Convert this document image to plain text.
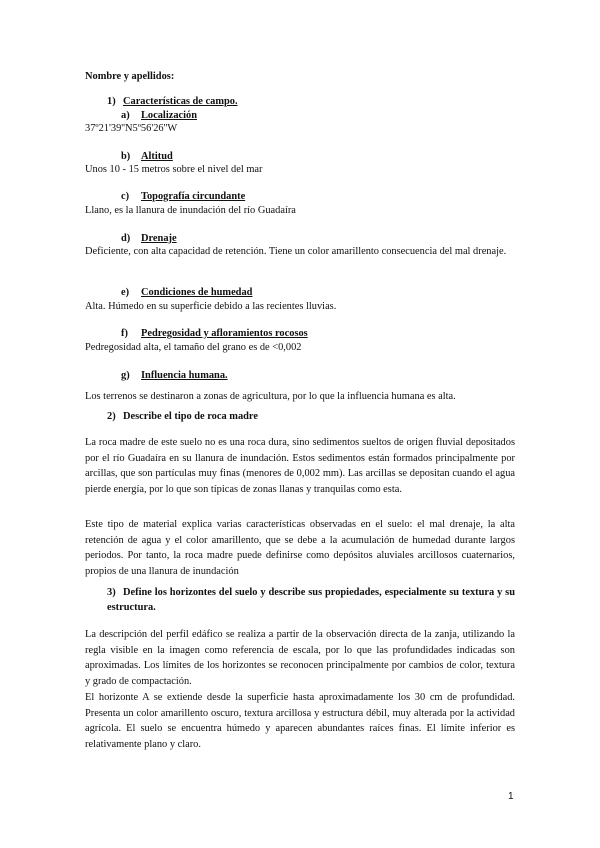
Nombre y apellidos:

1) Características de campo.

a) Localización

37º21'39''N5º56'26''W

b) Altitud

Unos 10 - 15 metros sobre el nivel del mar

c) Topografía circundante

Llano, es la llanura de inundación del río Guadaíra

d) Drenaje

Deficiente, con alta capacidad de retención. Tiene un color amarillento consecuencia del mal drenaje.

e) Condiciones de humedad

Alta. Húmedo en su superficie debido a las recientes lluvias.

f) Pedregosidad y afloramientos rocosos

Pedregosidad alta, el tamaño del grano es de <0,002

g) Influencia humana.

Los terrenos se destinaron a zonas de agricultura, por lo que la influencia humana es alta.

2) Describe el tipo de roca madre

La roca madre de este suelo no es una roca dura, sino sedimentos sueltos de origen fluvial depositados por el río Guadaíra en su llanura de inundación. Estos sedimentos están formados principalmente por arcillas, que son partículas muy finas (menores de 0,002 mm). Las arcillas se depositan cuando el agua pierde energía, por lo que son típicas de zonas llanas y tranquilas como esta.

Este tipo de material explica varias características observadas en el suelo: el mal drenaje, la alta retención de agua y el color amarillento, que se debe a la acumulación de humedad durante largos periodos. Por tanto, la roca madre puede definirse como depósitos aluviales arcillosos cuaternarios, propios de una llanura de inundación

3) Define los horizontes del suelo y describe sus propiedades, especialmente su textura y su estructura.

La descripción del perfil edáfico se realiza a partir de la observación directa de la zanja, utilizando la regla visible en la imagen como referencia de escala, por lo que las profundidades indicadas son aproximadas. Los límites de los horizontes se reconocen principalmente por cambios de color, textura y grado de compactación.

El horizonte A se extiende desde la superficie hasta aproximadamente los 30 cm de profundidad. Presenta un color amarillento oscuro, textura arcillosa y estructura débil, muy alterada por la actividad agrícola. El suelo se encuentra húmedo y aparecen abundantes raíces finas. El límite inferior es relativamente plano y claro.

1
